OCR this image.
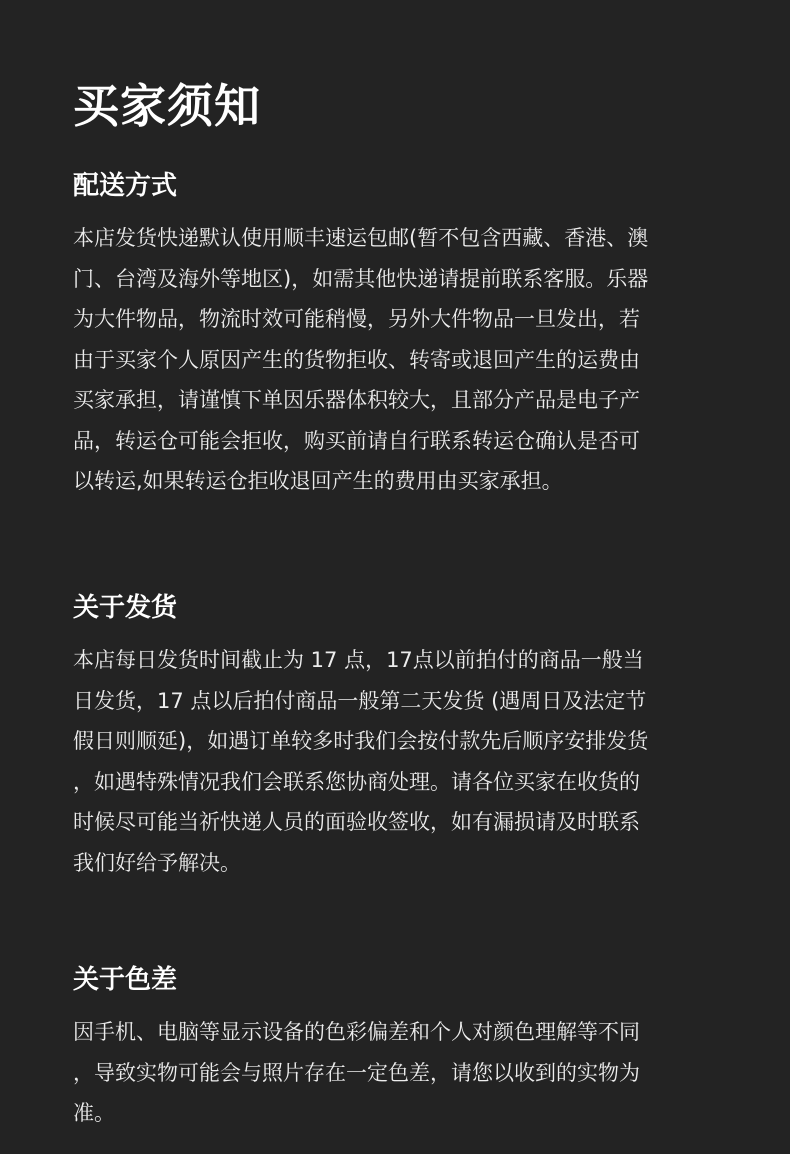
买家须知
配送方式
本店发货快递默认使用顺丰速运包邮(暂不包含西藏、香港、澳
门、台湾及海外等地区)，如需其他快递请提前联系客服。乐器
为大件物品，物流时效可能稍慢，另外大件物品一旦发出，若
由于买家个人原因产生的货物拒收、转寄或退回产生的运费由
买家承担，请谨慎下单因乐器体积较大，且部分产品是电子产
品，转运仓可能会拒收，购买前请自行联系转运仓确认是否可
以转运,如果转运仓拒收退回产生的费用由买家承担。
关于发货
本店每日发货时间截止为 17 点，17点以前拍付的商品一般当
日发货，17 点以后拍付商品一般第二天发货 (遇周日及法定节
假日则顺延)，如遇订单较多时我们会按付款先后顺序安排发货
，如遇特殊情况我们会联系您协商处理。请各位买家在收货的
时候尽可能当祈快递人员的面验收签收，如有漏损请及时联系
我们好给予解决。
关于色差
因手机、电脑等显示设备的色彩偏差和个人对颜色理解等不同
，导致实物可能会与照片存在一定色差，请您以收到的实物为
准。
